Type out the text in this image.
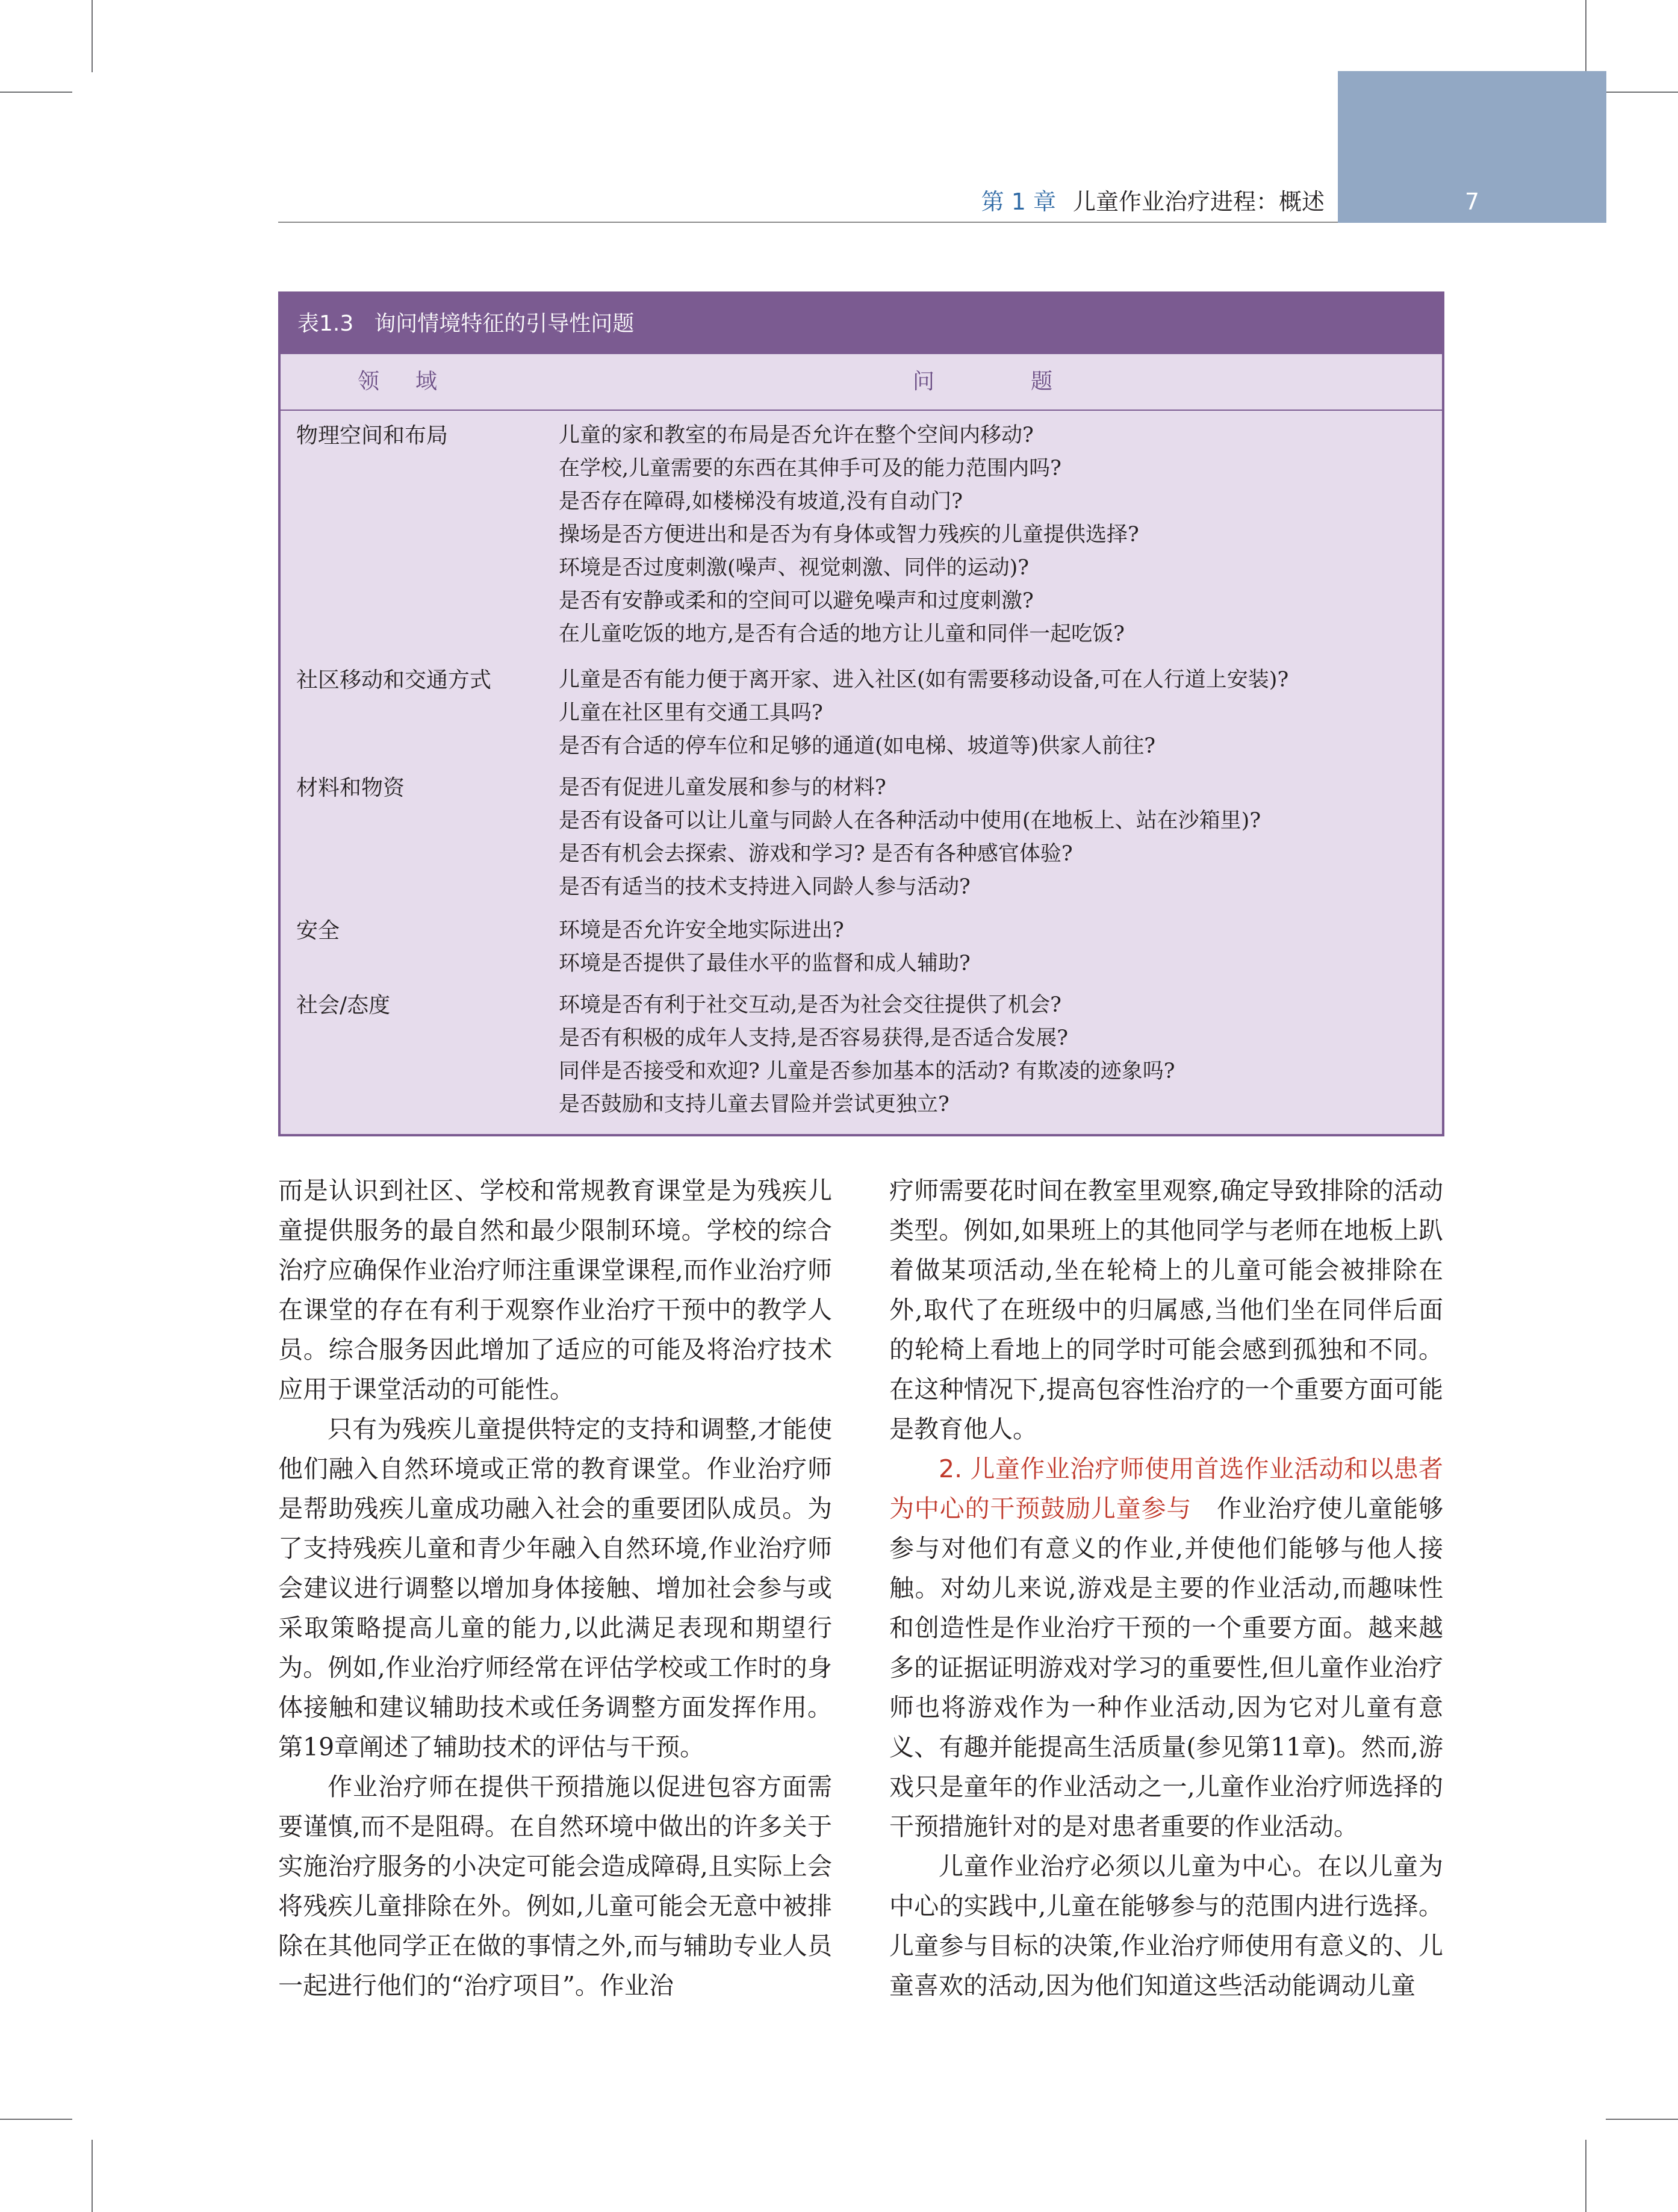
7
第 1 章 儿童作业治疗进程：概述
表1.3 询问情境特征的引导性问题
领域	问题
物理空间和布局	儿童的家和教室的布局是否允许在整个空间内移动?
在学校,儿童需要的东西在其伸手可及的能力范围内吗?
是否存在障碍,如楼梯没有坡道,没有自动门?
操场是否方便进出和是否为有身体或智力残疾的儿童提供选择?
环境是否过度刺激(噪声、视觉刺激、同伴的运动)?
是否有安静或柔和的空间可以避免噪声和过度刺激?
在儿童吃饭的地方,是否有合适的地方让儿童和同伴一起吃饭?
社区移动和交通方式	儿童是否有能力便于离开家、进入社区(如有需要移动设备,可在人行道上安装)?
儿童在社区里有交通工具吗?
是否有合适的停车位和足够的通道(如电梯、坡道等)供家人前往?
材料和物资	是否有促进儿童发展和参与的材料?
是否有设备可以让儿童与同龄人在各种活动中使用(在地板上、站在沙箱里)?
是否有机会去探索、游戏和学习? 是否有各种感官体验?
是否有适当的技术支持进入同龄人参与活动?
安全	环境是否允许安全地实际进出?
环境是否提供了最佳水平的监督和成人辅助?
社会/态度	环境是否有利于社交互动,是否为社会交往提供了机会?
是否有积极的成年人支持,是否容易获得,是否适合发展?
同伴是否接受和欢迎? 儿童是否参加基本的活动? 有欺凌的迹象吗?
是否鼓励和支持儿童去冒险并尝试更独立?

而是认识到社区、学校和常规教育课堂是为残疾儿童提供服务的最自然和最少限制环境。学校的综合治疗应确保作业治疗师注重课堂课程,而作业治疗师在课堂的存在有利于观察作业治疗干预中的教学人员。综合服务因此增加了适应的可能及将治疗技术应用于课堂活动的可能性。

只有为残疾儿童提供特定的支持和调整,才能使他们融入自然环境或正常的教育课堂。作业治疗师是帮助残疾儿童成功融入社会的重要团队成员。为了支持残疾儿童和青少年融入自然环境,作业治疗师会建议进行调整以增加身体接触、增加社会参与或采取策略提高儿童的能力,以此满足表现和期望行为。例如,作业治疗师经常在评估学校或工作时的身体接触和建议辅助技术或任务调整方面发挥作用。第19章阐述了辅助技术的评估与干预。

作业治疗师在提供干预措施以促进包容方面需要谨慎,而不是阻碍。在自然环境中做出的许多关于实施治疗服务的小决定可能会造成障碍,且实际上会将残疾儿童排除在外。例如,儿童可能会无意中被排除在其他同学正在做的事情之外,而与辅助专业人员一起进行他们的“治疗项目”。作业治

疗师需要花时间在教室里观察,确定导致排除的活动类型。例如,如果班上的其他同学与老师在地板上趴着做某项活动,坐在轮椅上的儿童可能会被排除在外,取代了在班级中的归属感,当他们坐在同伴后面的轮椅上看地上的同学时可能会感到孤独和不同。在这种情况下,提高包容性治疗的一个重要方面可能是教育他人。

2. 儿童作业治疗师使用首选作业活动和以患者为中心的干预鼓励儿童参与  作业治疗使儿童能够参与对他们有意义的作业,并使他们能够与他人接触。对幼儿来说,游戏是主要的作业活动,而趣味性和创造性是作业治疗干预的一个重要方面。越来越多的证据证明游戏对学习的重要性,但儿童作业治疗师也将游戏作为一种作业活动,因为它对儿童有意义、有趣并能提高生活质量(参见第11章)。然而,游戏只是童年的作业活动之一,儿童作业治疗师选择的干预措施针对的是对患者重要的作业活动。

儿童作业治疗必须以儿童为中心。在以儿童为中心的实践中,儿童在能够参与的范围内进行选择。儿童参与目标的决策,作业治疗师使用有意义的、儿童喜欢的活动,因为他们知道这些活动能调动儿童
